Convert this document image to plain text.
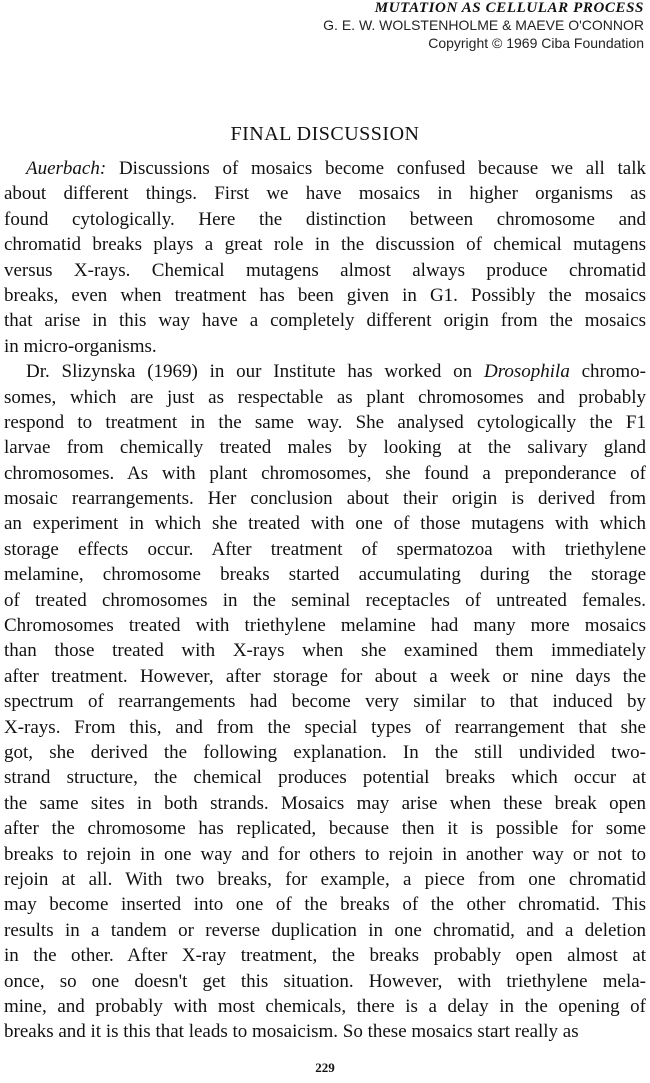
MUTATION AS CELLULAR PROCESS
G. E. W. WOLSTENHOLME & MAEVE O'CONNOR
Copyright © 1969 Ciba Foundation
FINAL DISCUSSION
Auerbach: Discussions of mosaics become confused because we all talk
about different things. First we have mosaics in higher organisms as
found cytologically. Here the distinction between chromosome and
chromatid breaks plays a great role in the discussion of chemical mutagens
versus X-rays. Chemical mutagens almost always produce chromatid
breaks, even when treatment has been given in G1. Possibly the mosaics
that arise in this way have a completely different origin from the mosaics
in micro-organisms.
Dr. Slizynska (1969) in our Institute has worked on Drosophila chromo-
somes, which are just as respectable as plant chromosomes and probably
respond to treatment in the same way. She analysed cytologically the F1
larvae from chemically treated males by looking at the salivary gland
chromosomes. As with plant chromosomes, she found a preponderance of
mosaic rearrangements. Her conclusion about their origin is derived from
an experiment in which she treated with one of those mutagens with which
storage effects occur. After treatment of spermatozoa with triethylene
melamine, chromosome breaks started accumulating during the storage
of treated chromosomes in the seminal receptacles of untreated females.
Chromosomes treated with triethylene melamine had many more mosaics
than those treated with X-rays when she examined them immediately
after treatment. However, after storage for about a week or nine days the
spectrum of rearrangements had become very similar to that induced by
X-rays. From this, and from the special types of rearrangement that she
got, she derived the following explanation. In the still undivided two-
strand structure, the chemical produces potential breaks which occur at
the same sites in both strands. Mosaics may arise when these break open
after the chromosome has replicated, because then it is possible for some
breaks to rejoin in one way and for others to rejoin in another way or not to
rejoin at all. With two breaks, for example, a piece from one chromatid
may become inserted into one of the breaks of the other chromatid. This
results in a tandem or reverse duplication in one chromatid, and a deletion
in the other. After X-ray treatment, the breaks probably open almost at
once, so one doesn't get this situation. However, with triethylene mela-
mine, and probably with most chemicals, there is a delay in the opening of
breaks and it is this that leads to mosaicism. So these mosaics start really as
229
